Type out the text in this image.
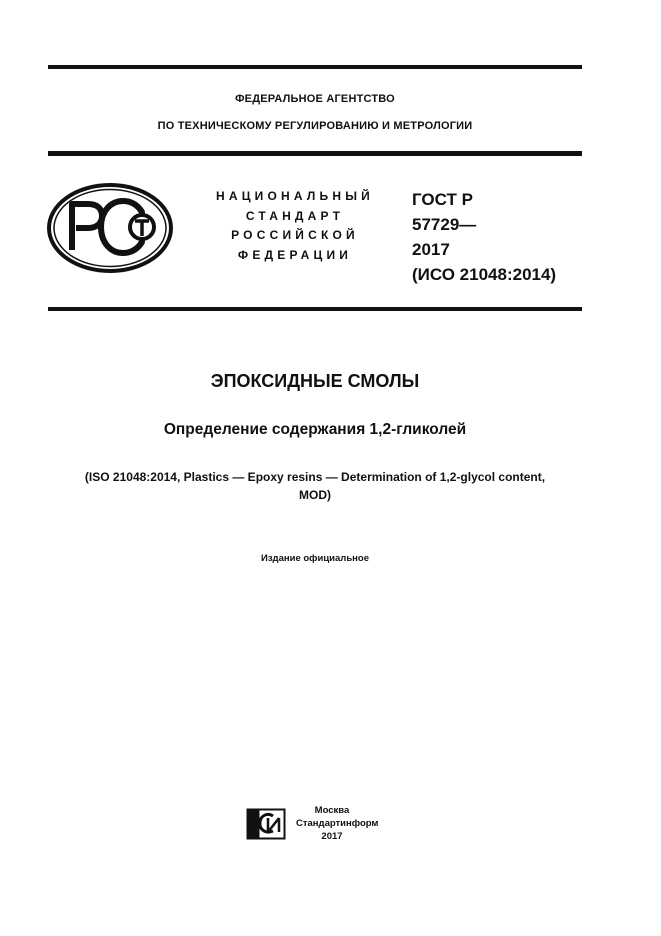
ФЕДЕРАЛЬНОЕ АГЕНТСТВО
ПО ТЕХНИЧЕСКОМУ РЕГУЛИРОВАНИЮ И МЕТРОЛОГИИ
НАЦИОНАЛЬНЫЙ
СТАНДАРТ
РОССИЙСКОЙ
ФЕДЕРАЦИИ
ГОСТ Р
57729—
2017
(ИСО 21048:2014)
ЭПОКСИДНЫЕ СМОЛЫ
Определение содержания 1,2-гликолей
(ISO 21048:2014, Plastics — Epoxy resins — Determination of 1,2-glycol content,
MOD)
Издание официальное
Москва
Стандартинформ
2017
